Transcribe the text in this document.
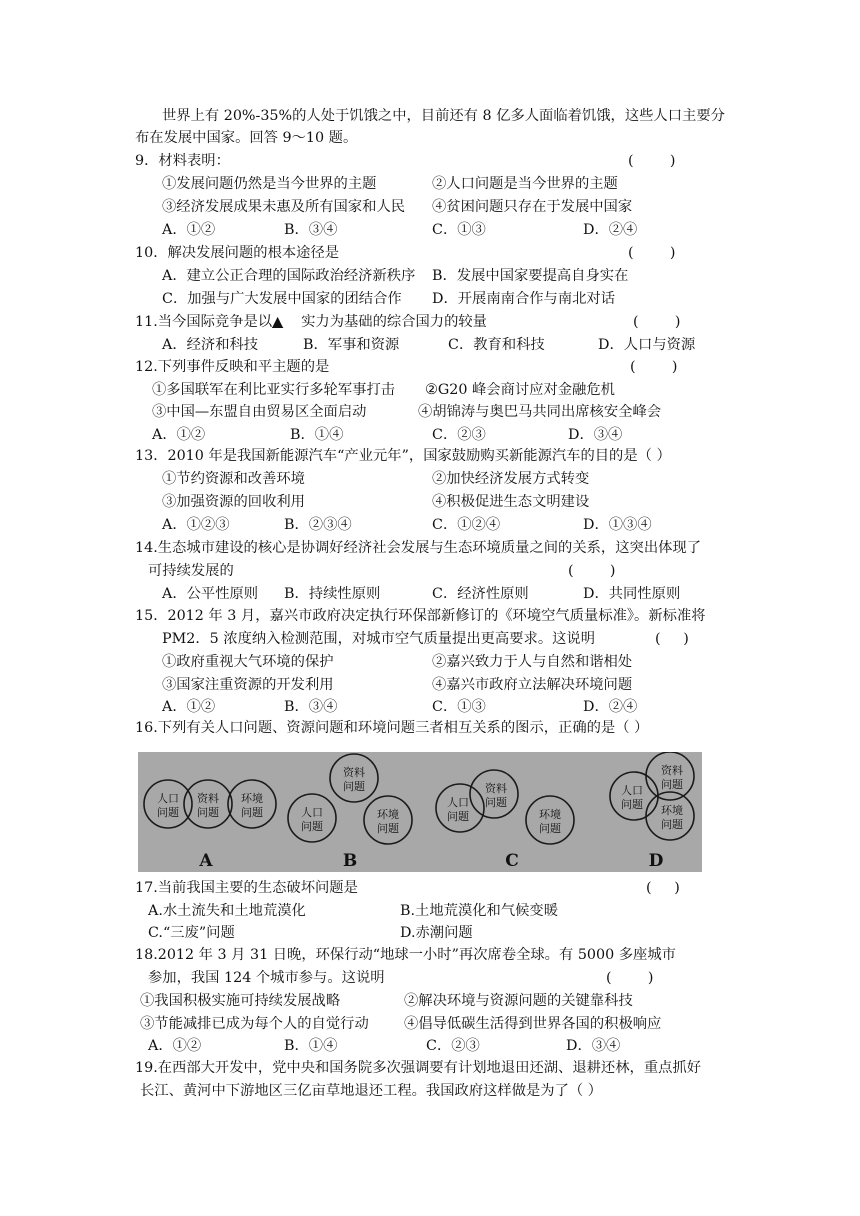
世界上有 20%-35%的人处于饥饿之中，目前还有 8 亿多人面临着饥饿，这些人口主要分
布在发展中国家。回答 9～10 题。
9．材料表明：	(        )
①发展问题仍然是当今世界的主题	②人口问题是当今世界的主题
③经济发展成果未惠及所有国家和人民 ④贫困问题只存在于发展中国家
A．①②	B．③④	C．①③	D．②④
10．解决发展问题的根本途径是	(        )
A．建立公正合理的国际政治经济新秩序 B．发展中国家要提高自身实在
C．加强与广大发展中国家的团结合作 D．开展南南合作与南北对话
11.当今国际竞争是以▲ 实力为基础的综合国力的较量	(        )
A．经济和科技	B．军事和资源	C．教育和科技	D．人口与资源
12.下列事件反映和平主题的是	(        )
①多国联军在利比亚实行多轮军事打击 ②G20 峰会商讨应对金融危机
③中国—东盟自由贸易区全面启动	④胡锦涛与奥巴马共同出席核安全峰会
A．①②	B．①④	C．②③	D．③④
13．2010 年是我国新能源汽车“产业元年”，国家鼓励购买新能源汽车的目的是（ ）
①节约资源和改善环境	②加快经济发展方式转变
③加强资源的回收利用	④积极促进生态文明建设
A．①②③	B．②③④	C．①②④	D．①③④
14.生态城市建设的核心是协调好经济社会发展与生态环境质量之间的关系，这突出体现了
可持续发展的	(        )
A．公平性原则 B．持续性原则	C．经济性原则	D．共同性原则
15．2012 年 3 月，嘉兴市政府决定执行环保部新修订的《环境空气质量标准》。新标准将
PM2．5 浓度纳入检测范围，对城市空气质量提出更高要求。这说明	(     )
①政府重视大气环境的保护	②嘉兴致力于人与自然和谐相处
③国家注重资源的开发利用	④嘉兴市政府立法解决环境问题
A．①②	B．③④	C．①③	D．②④
16.下列有关人口问题、资源问题和环境问题三者相互关系的图示，正确的是（ ）
人口
问题
资料
问题
环境
问题
资料
问题
人口
问题
环境
问题
人口
问题
资料
问题
环境
问题
人口
问题
资料
问题
环境
问题
A	B	C	D
17.当前我国主要的生态破坏问题是	(     )
A.水土流失和土地荒漠化	B.土地荒漠化和气候变暖
C.“三废”问题	D.赤潮问题
18.2012 年 3 月 31 日晚，环保行动“地球一小时”再次席卷全球。有 5000 多座城市
参加，我国 124 个城市参与。这说明	(        )
①我国积极实施可持续发展战略	②解决环境与资源问题的关键靠科技
③节能减排已成为每个人的自觉行动 ④倡导低碳生活得到世界各国的积极响应
A．①②	B．①④	C．②③	D．③④
19.在西部大开发中，党中央和国务院多次强调要有计划地退田还湖、退耕还林，重点抓好
长江、黄河中下游地区三亿亩草地退还工程。我国政府这样做是为了（ ）
